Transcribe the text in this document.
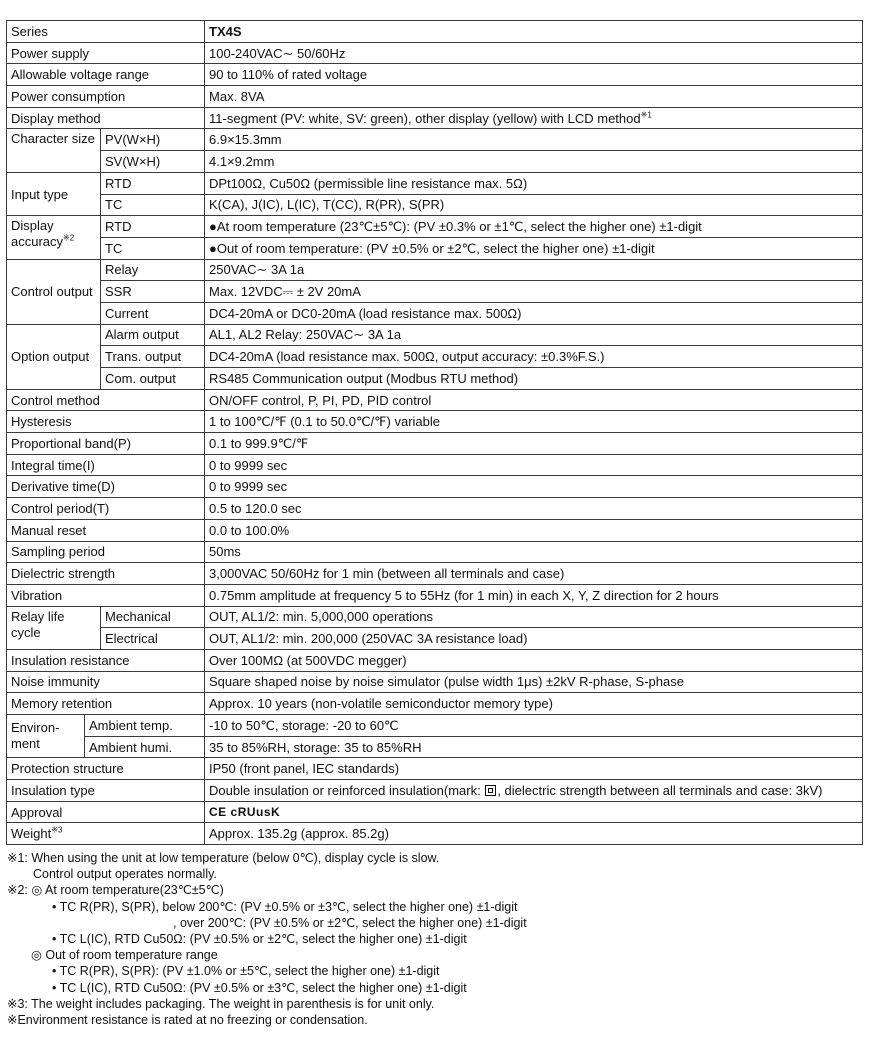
Series			TX4S
Power supply			100-240VAC∼ 50/60Hz
Allowable voltage range			90 to 110% of rated voltage
Power consumption			Max. 8VA
Display method			11-segment (PV: white, SV: green), other display (yellow) with LCD method$^{※1}$
Character size		PV(W×H)	6.9×15.3mm
		SV(W×H)	4.1×9.2mm
Input type		RTD	DPt100Ω, Cu50Ω (permissible line resistance max. 5Ω)
		TC	K(CA), J(IC), L(IC), T(CC), R(PR), S(PR)
Display accuracy$^{※2}$		RTD	●At room temperature (23℃±5℃): (PV ±0.3% or ±1℃, select the higher one) ±1-digit
		TC	●Out of room temperature: (PV ±0.5% or ±2℃, select the higher one) ±1-digit
Control output		Relay	250VAC∼ 3A 1a
		SSR	Max. 12VDC⎓ ± 2V 20mA
		Current	DC4-20mA or DC0-20mA (load resistance max. 500Ω)
Option output		Alarm output	AL1, AL2 Relay: 250VAC∼ 3A 1a
		Trans. output	DC4-20mA (load resistance max. 500Ω, output accuracy: ±0.3%F.S.)
		Com. output	RS485 Communication output (Modbus RTU method)
Control method			ON/OFF control, P, PI, PD, PID control
Hysteresis			1 to 100℃/℉ (0.1 to 50.0℃/℉) variable
Proportional band(P)			0.1 to 999.9℃/℉
Integral time(I)			0 to 9999 sec
Derivative time(D)			0 to 9999 sec
Control period(T)			0.5 to 120.0 sec
Manual reset			0.0 to 100.0%
Sampling period			50ms
Dielectric strength			3,000VAC 50/60Hz for 1 min (between all terminals and case)
Vibration			0.75mm amplitude at frequency 5 to 55Hz (for 1 min) in each X, Y, Z direction for 2 hours
Relay life cycle		Mechanical	OUT, AL1/2: min. 5,000,000 operations
		Electrical	OUT, AL1/2: min. 200,000 (250VAC 3A resistance load)
Insulation resistance			Over 100MΩ (at 500VDC megger)
Noise immunity			Square shaped noise by noise simulator (pulse width 1μs) ±2kV R-phase, S-phase
Memory retention			Approx. 10 years (non-volatile semiconductor memory type)
Environ- ment	Ambient temp.		-10 to 50℃, storage: -20 to 60℃
	Ambient humi.		35 to 85%RH, storage: 35 to 85%RH
Protection structure			IP50 (front panel, IEC standards)
Insulation type			Double insulation or reinforced insulation(mark: , dielectric strength between all terminals and case: 3kV)
Approval			CE cRUusK
Weight$^{※3}$			Approx. 135.2g (approx. 85.2g)
※1: When using the unit at low temperature (below 0℃), display cycle is slow.
Control output operates normally.
※2: ◎ At room temperature(23℃±5℃)
• TC R(PR), S(PR), below 200℃: (PV ±0.5% or ±3℃, select the higher one) ±1-digit
, over 200℃: (PV ±0.5% or ±2℃, select the higher one) ±1-digit
• TC L(IC), RTD Cu50Ω: (PV ±0.5% or ±2℃, select the higher one) ±1-digit
◎ Out of room temperature range
• TC R(PR), S(PR): (PV ±1.0% or ±5℃, select the higher one) ±1-digit
• TC L(IC), RTD Cu50Ω: (PV ±0.5% or ±3℃, select the higher one) ±1-digit
※3: The weight includes packaging. The weight in parenthesis is for unit only.
※Environment resistance is rated at no freezing or condensation.
